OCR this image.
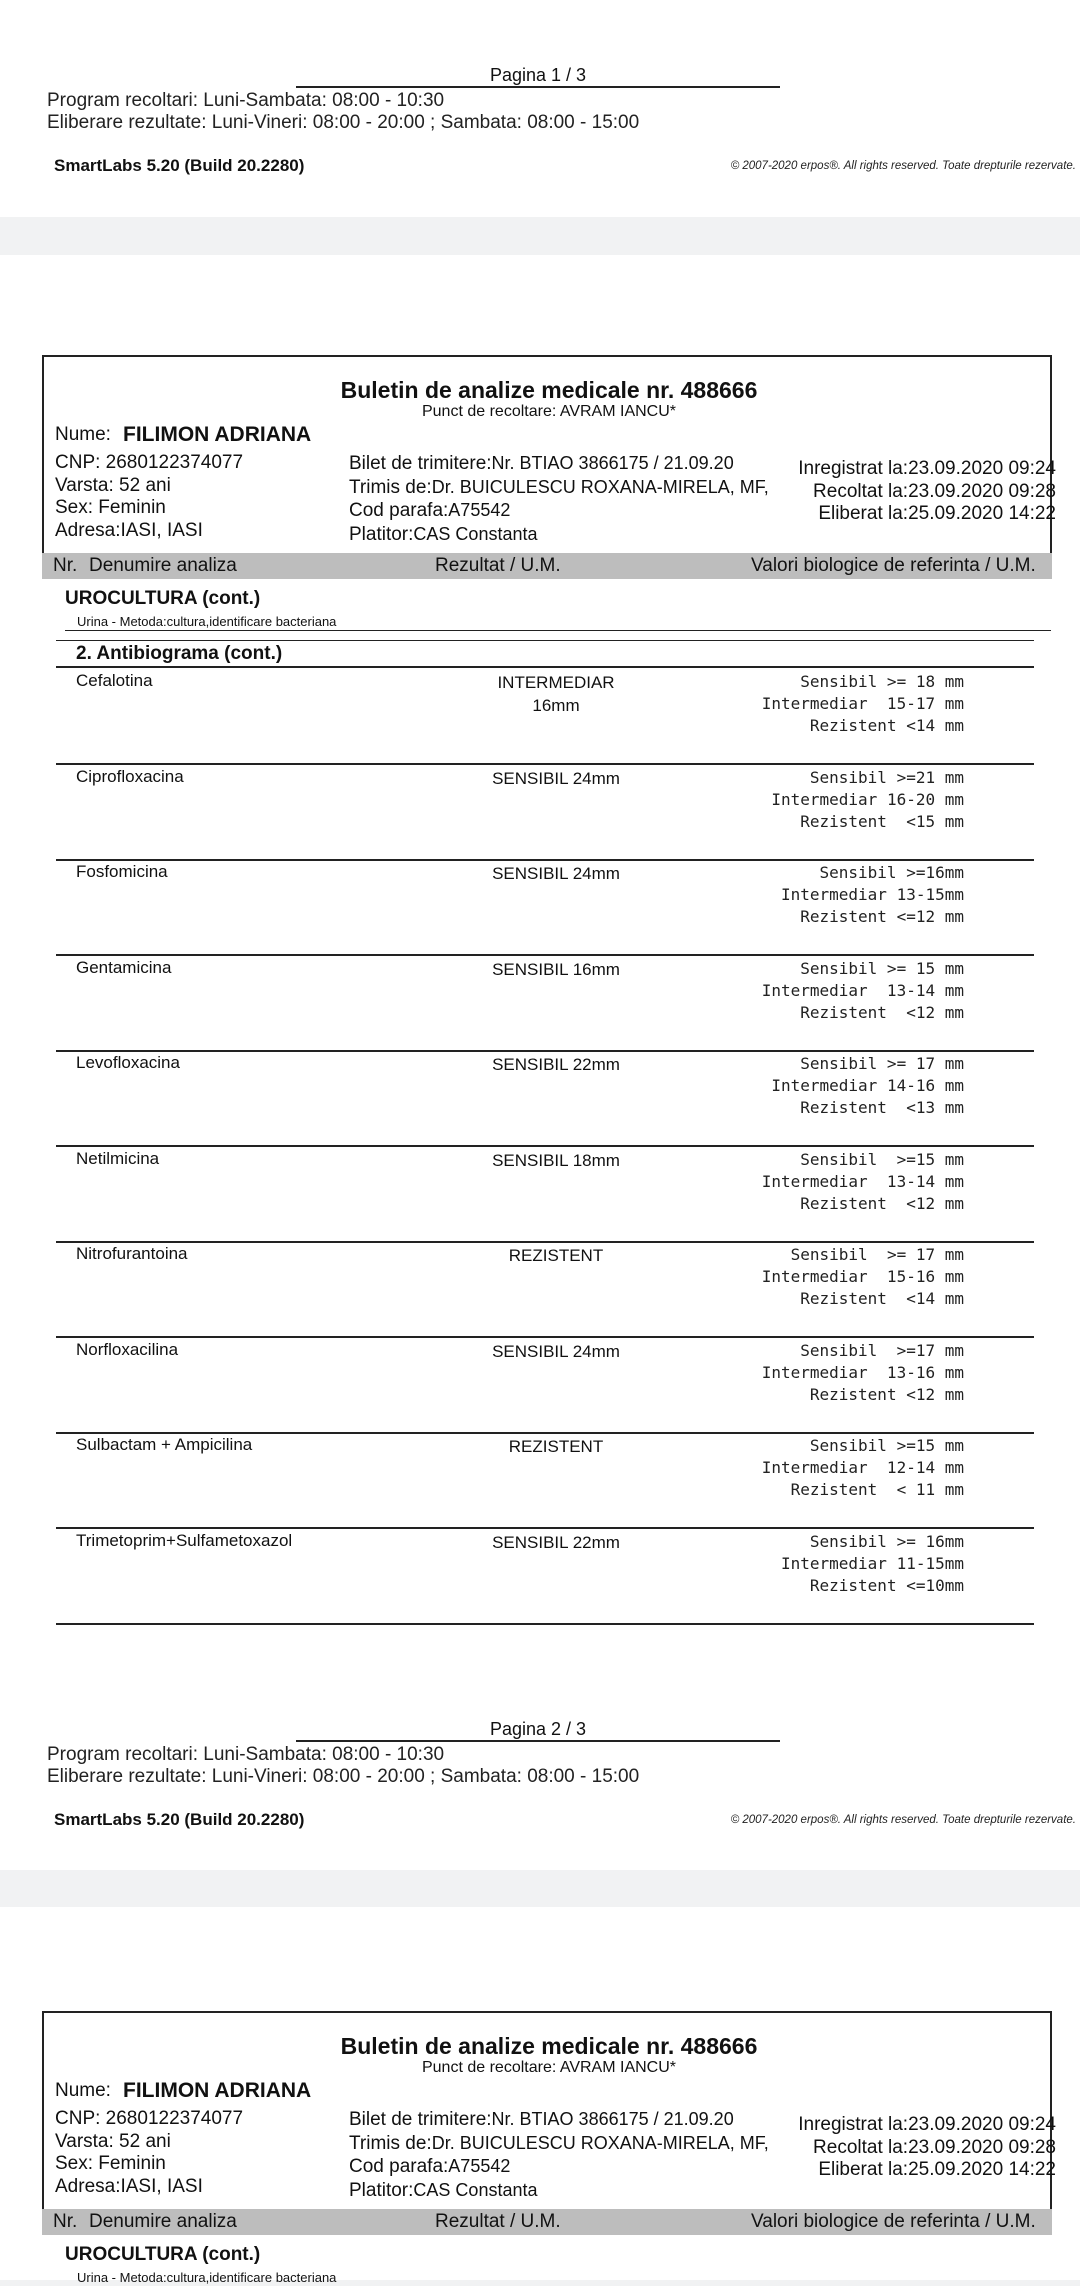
Pagina 1 / 3
Program recoltari: Luni-Sambata: 08:00 - 10:30
Eliberare rezultate: Luni-Vineri: 08:00 - 20:00 ; Sambata: 08:00 - 15:00
SmartLabs 5.20 (Build 20.2280)	© 2007-2020 erpos®. All rights reserved. Toate drepturile rezervate.
Buletin de analize medicale nr. 488666
Punct de recoltare: AVRAM IANCU*
Nume: FILIMON ADRIANA
CNP: 2680122374077
Varsta: 52 ani
Sex: Feminin
Adresa:IASI, IASI
Bilet de trimitere:Nr. BTIAO 3866175 / 21.09.20
Trimis de:Dr. BUICULESCU ROXANA-MIRELA, MF,
Cod parafa:A75542
Platitor:CAS Constanta
Inregistrat la:23.09.2020 09:24
Recoltat la:23.09.2020 09:28
Eliberat la:25.09.2020 14:22
Nr. Denumire analiza	Rezultat / U.M.	Valori biologice de referinta / U.M.
UROCULTURA (cont.)
Urina - Metoda:cultura,identificare bacteriana
2. Antibiograma (cont.)
Cefalotina	INTERMEDIAR
16mm
Sensibil >= 18 mm
Intermediar  15-17 mm
Rezistent <14 mm
Ciprofloxacina	SENSIBIL 24mm	Sensibil >=21 mm
Intermediar 16-20 mm
Rezistent  <15 mm
Fosfomicina	SENSIBIL 24mm	Sensibil >=16mm
Intermediar 13-15mm
Rezistent <=12 mm
Gentamicina	SENSIBIL 16mm	Sensibil >= 15 mm
Intermediar  13-14 mm
Rezistent  <12 mm
Levofloxacina	SENSIBIL 22mm	Sensibil >= 17 mm
Intermediar 14-16 mm
Rezistent  <13 mm
Netilmicina	SENSIBIL 18mm	Sensibil  >=15 mm
Intermediar  13-14 mm
Rezistent  <12 mm
Nitrofurantoina	REZISTENT	Sensibil  >= 17 mm
Intermediar  15-16 mm
Rezistent  <14 mm
Norfloxacilina	SENSIBIL 24mm	Sensibil  >=17 mm
Intermediar  13-16 mm
Rezistent <12 mm
Sulbactam + Ampicilina	REZISTENT	Sensibil >=15 mm
Intermediar  12-14 mm
Rezistent  < 11 mm
Trimetoprim+Sulfametoxazol	SENSIBIL 22mm	Sensibil >= 16mm
Intermediar 11-15mm
Rezistent <=10mm
Pagina 2 / 3
Program recoltari: Luni-Sambata: 08:00 - 10:30
Eliberare rezultate: Luni-Vineri: 08:00 - 20:00 ; Sambata: 08:00 - 15:00
SmartLabs 5.20 (Build 20.2280)	© 2007-2020 erpos®. All rights reserved. Toate drepturile rezervate.
Buletin de analize medicale nr. 488666
Punct de recoltare: AVRAM IANCU*
Nume: FILIMON ADRIANA
CNP: 2680122374077
Varsta: 52 ani
Sex: Feminin
Adresa:IASI, IASI
Bilet de trimitere:Nr. BTIAO 3866175 / 21.09.20
Trimis de:Dr. BUICULESCU ROXANA-MIRELA, MF,
Cod parafa:A75542
Platitor:CAS Constanta
Inregistrat la:23.09.2020 09:24
Recoltat la:23.09.2020 09:28
Eliberat la:25.09.2020 14:22
Nr. Denumire analiza	Rezultat / U.M.	Valori biologice de referinta / U.M.
UROCULTURA (cont.)
Urina - Metoda:cultura,identificare bacteriana
